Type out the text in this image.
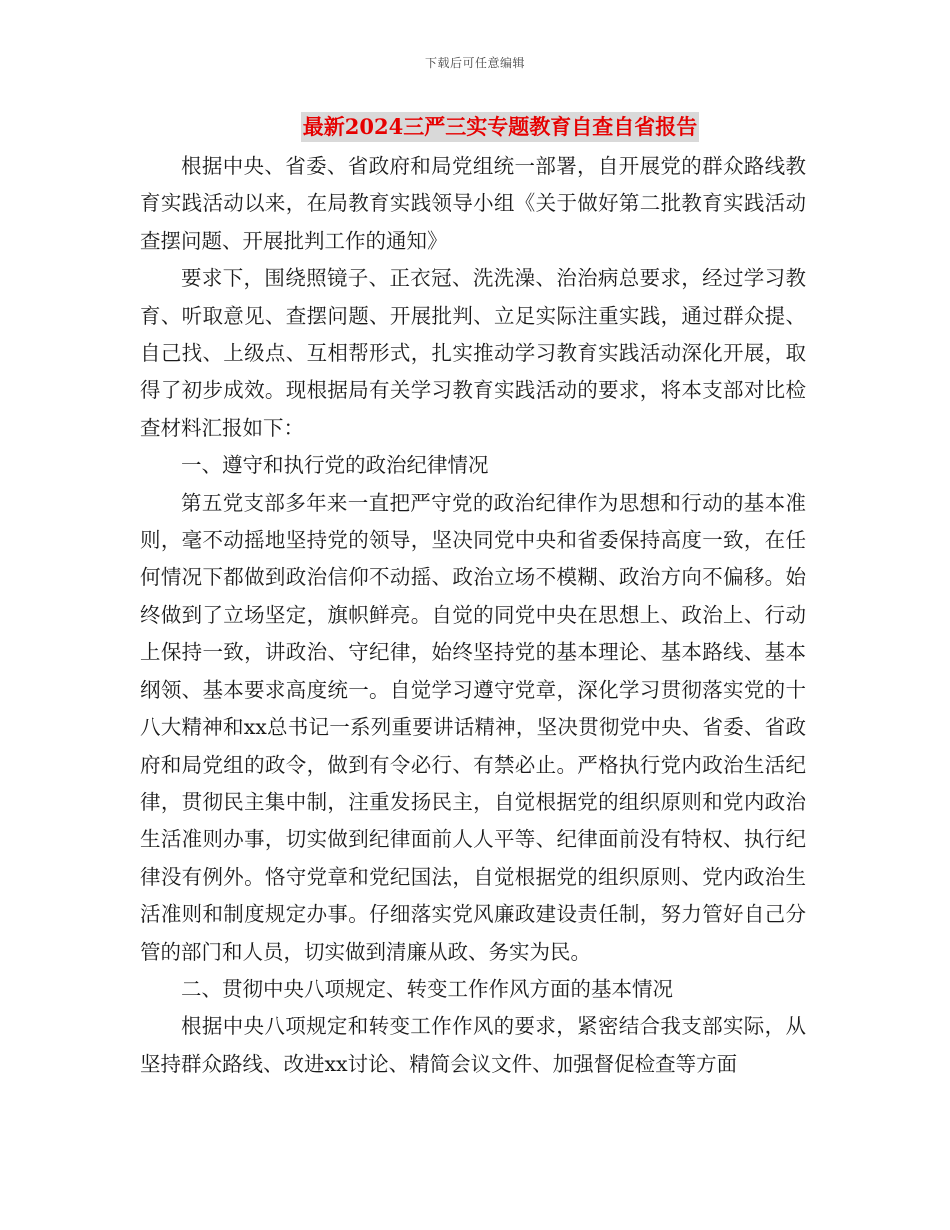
下载后可任意编辑
最新2024三严三实专题教育自查自省报告

根据中央、省委、省政府和局党组统一部署，自开展党的群众路线教育实践活动以来，在局教育实践领导小组《关于做好第二批教育实践活动查摆问题、开展批判工作的通知》

要求下，围绕照镜子、正衣冠、洗洗澡、治治病总要求，经过学习教育、听取意见、查摆问题、开展批判、立足实际注重实践，通过群众提、自己找、上级点、互相帮形式，扎实推动学习教育实践活动深化开展，取得了初步成效。现根据局有关学习教育实践活动的要求，将本支部对比检查材料汇报如下：

一、遵守和执行党的政治纪律情况

第五党支部多年来一直把严守党的政治纪律作为思想和行动的基本准则，毫不动摇地坚持党的领导，坚决同党中央和省委保持高度一致，在任何情况下都做到政治信仰不动摇、政治立场不模糊、政治方向不偏移。始终做到了立场坚定，旗帜鲜亮。自觉的同党中央在思想上、政治上、行动上保持一致，讲政治、守纪律，始终坚持党的基本理论、基本路线、基本纲领、基本要求高度统一。自觉学习遵守党章，深化学习贯彻落实党的十八大精神和xx总书记一系列重要讲话精神，坚决贯彻党中央、省委、省政府和局党组的政令，做到有令必行、有禁必止。严格执行党内政治生活纪律，贯彻民主集中制，注重发扬民主，自觉根据党的组织原则和党内政治生活准则办事，切实做到纪律面前人人平等、纪律面前没有特权、执行纪律没有例外。恪守党章和党纪国法，自觉根据党的组织原则、党内政治生活准则和制度规定办事。仔细落实党风廉政建设责任制，努力管好自己分管的部门和人员，切实做到清廉从政、务实为民。

二、贯彻中央八项规定、转变工作作风方面的基本情况

根据中央八项规定和转变工作作风的要求，紧密结合我支部实际，从坚持群众路线、改进xx讨论、精简会议文件、加强督促检查等方面
